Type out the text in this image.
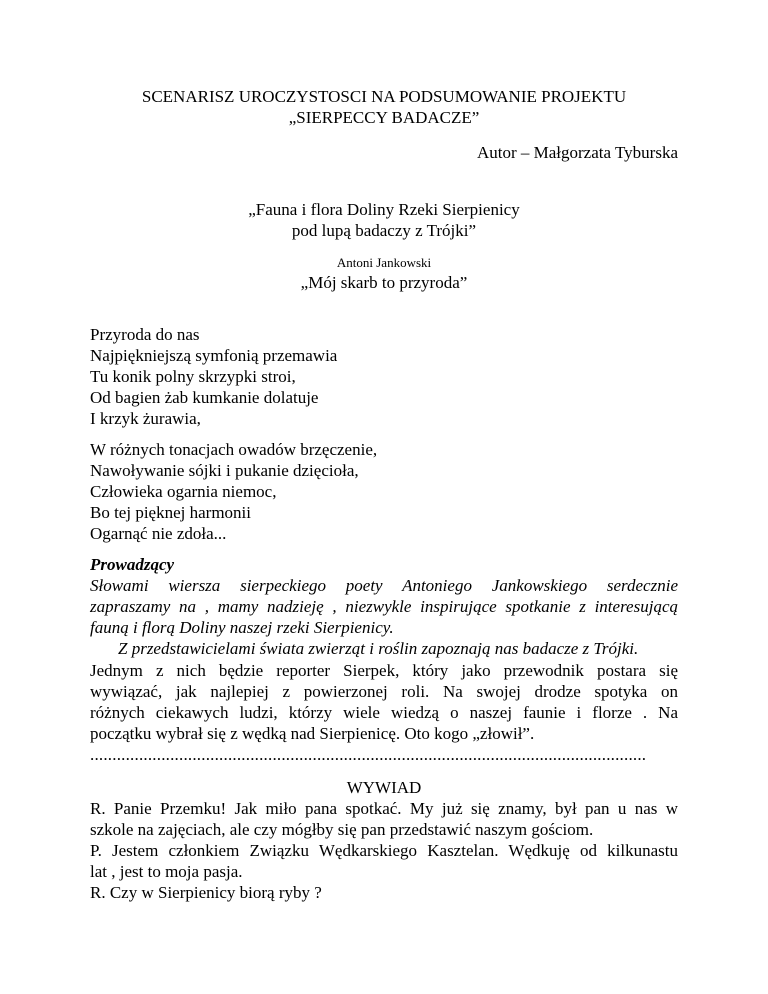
SCENARISZ UROCZYSTOSCI NA PODSUMOWANIE PROJEKTU
„SIERPECCY BADACZE”
Autor – Małgorzata Tyburska
„Fauna i flora Doliny Rzeki Sierpienicy
pod lupą badaczy z Trójki”
Antoni Jankowski
„Mój skarb to przyroda”
Przyroda do nas
Najpiękniejszą symfonią przemawia
Tu konik polny skrzypki stroi,
Od bagien żab kumkanie dolatuje
I krzyk żurawia,
W różnych tonacjach owadów brzęczenie,
Nawoływanie sójki i pukanie dzięcioła,
Człowieka ogarnia niemoc,
Bo tej pięknej harmonii
Ogarnąć nie zdoła...
Prowadzący
Słowami wiersza sierpeckiego poety Antoniego Jankowskiego serdecznie
zapraszamy na , mamy nadzieję , niezwykle inspirujące spotkanie z interesującą
fauną i florą Doliny naszej rzeki Sierpienicy.
Z przedstawicielami świata zwierząt i roślin zapoznają nas badacze z Trójki.
Jednym z nich będzie reporter Sierpek, który jako przewodnik postara się
wywiązać, jak najlepiej z powierzonej roli. Na swojej drodze spotyka on
różnych ciekawych ludzi, którzy wiele wiedzą o naszej faunie i florze . Na
początku wybrał się z wędką nad Sierpienicę. Oto kogo „złowił”.
.............................................................................................................................
WYWIAD
R. Panie Przemku! Jak miło pana spotkać. My już się znamy, był pan u nas w
szkole na zajęciach, ale czy mógłby się pan przedstawić naszym gościom.
P. Jestem członkiem Związku Wędkarskiego Kasztelan. Wędkuję od kilkunastu
lat , jest to moja pasja.
R. Czy w Sierpienicy biorą ryby ?
